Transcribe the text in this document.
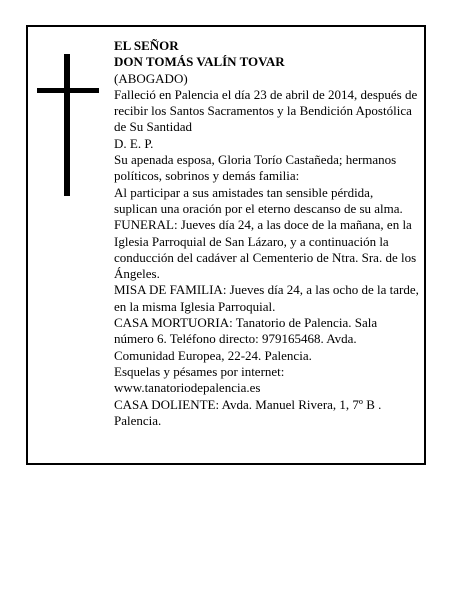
EL SEÑOR

DON TOMÁS VALÍN TOVAR

(ABOGADO)

Falleció en Palencia el día 23 de abril de 2014, después de recibir los Santos Sacramentos y la Bendición Apostólica de Su Santidad

D. E. P.

Su apenada esposa, Gloria Torío Castañeda; hermanos políticos, sobrinos y demás familia:

Al participar a sus amistades tan sensible pérdida, suplican una oración por el eterno descanso de su alma.

FUNERAL: Jueves día 24, a las doce de la mañana, en la Iglesia Parroquial de San Lázaro, y a continuación la conducción del cadáver al Cementerio de Ntra. Sra. de los Ángeles.

MISA DE FAMILIA: Jueves día 24, a las ocho de la tarde, en la misma Iglesia Parroquial.

CASA MORTUORIA: Tanatorio de Palencia. Sala número 6. Teléfono directo: 979165468. Avda. Comunidad Europea, 22-24. Palencia.

Esquelas y pésames por internet:

www.tanatoriodepalencia.es

CASA DOLIENTE: Avda. Manuel Rivera, 1, 7º B . Palencia.
